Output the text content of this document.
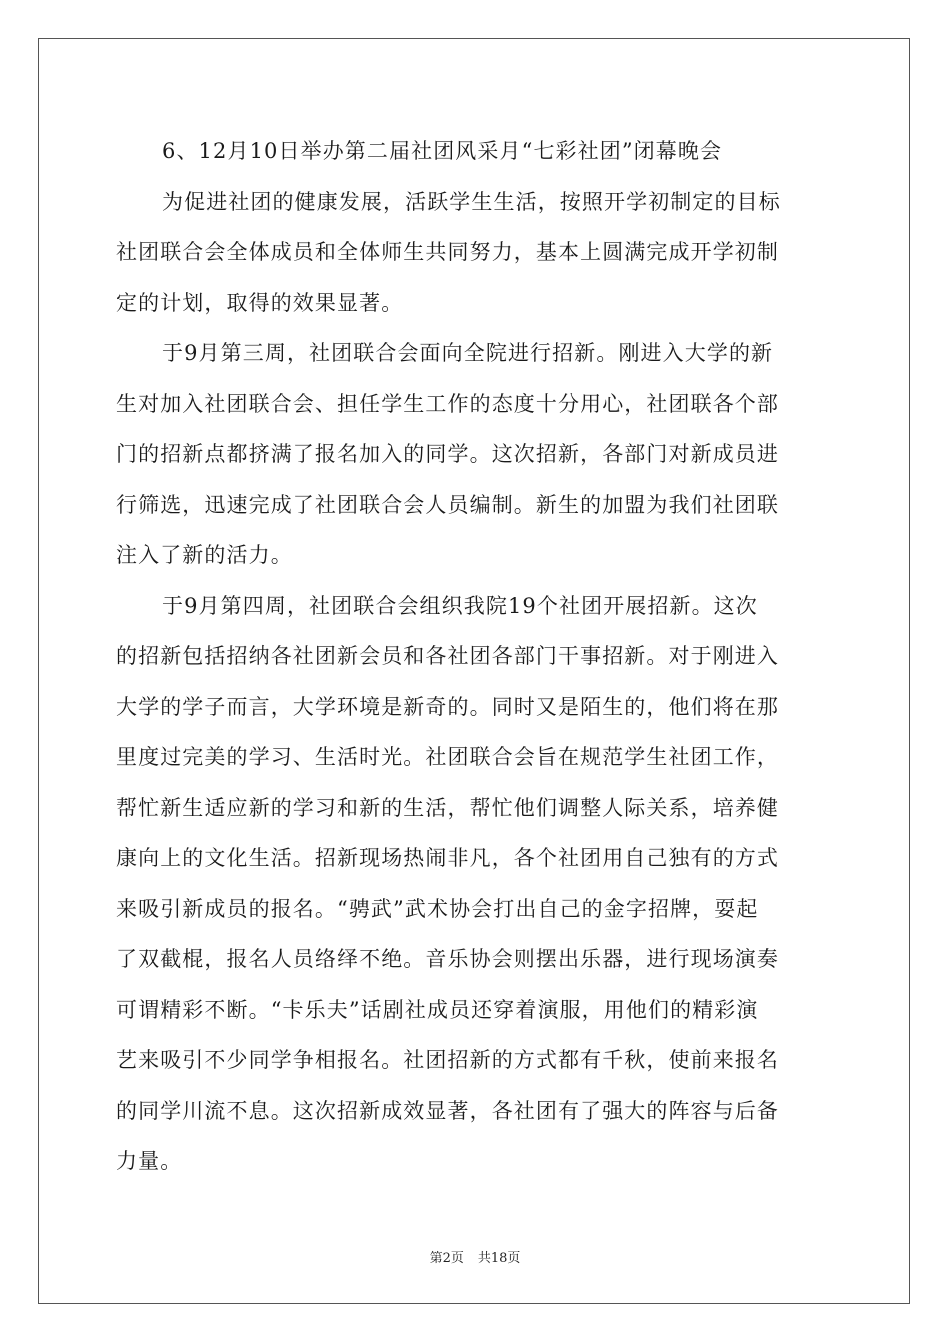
6、12月10日举办第二届社团风采月“七彩社团”闭幕晚会
为促进社团的健康发展，活跃学生生活，按照开学初制定的目标
社团联合会全体成员和全体师生共同努力，基本上圆满完成开学初制
定的计划，取得的效果显著。
于9月第三周，社团联合会面向全院进行招新。刚进入大学的新
生对加入社团联合会、担任学生工作的态度十分用心，社团联各个部
门的招新点都挤满了报名加入的同学。这次招新，各部门对新成员进
行筛选，迅速完成了社团联合会人员编制。新生的加盟为我们社团联
注入了新的活力。
于9月第四周，社团联合会组织我院19个社团开展招新。这次
的招新包括招纳各社团新会员和各社团各部门干事招新。对于刚进入
大学的学子而言，大学环境是新奇的。同时又是陌生的，他们将在那
里度过完美的学习、生活时光。社团联合会旨在规范学生社团工作，
帮忙新生适应新的学习和新的生活，帮忙他们调整人际关系，培养健
康向上的文化生活。招新现场热闹非凡，各个社团用自己独有的方式
来吸引新成员的报名。“骋武”武术协会打出自己的金字招牌，耍起
了双截棍，报名人员络绎不绝。音乐协会则摆出乐器，进行现场演奏
可谓精彩不断。“卡乐夫”话剧社成员还穿着演服，用他们的精彩演
艺来吸引不少同学争相报名。社团招新的方式都有千秋，使前来报名
的同学川流不息。这次招新成效显著，各社团有了强大的阵容与后备
力量。
第2页 共18页
